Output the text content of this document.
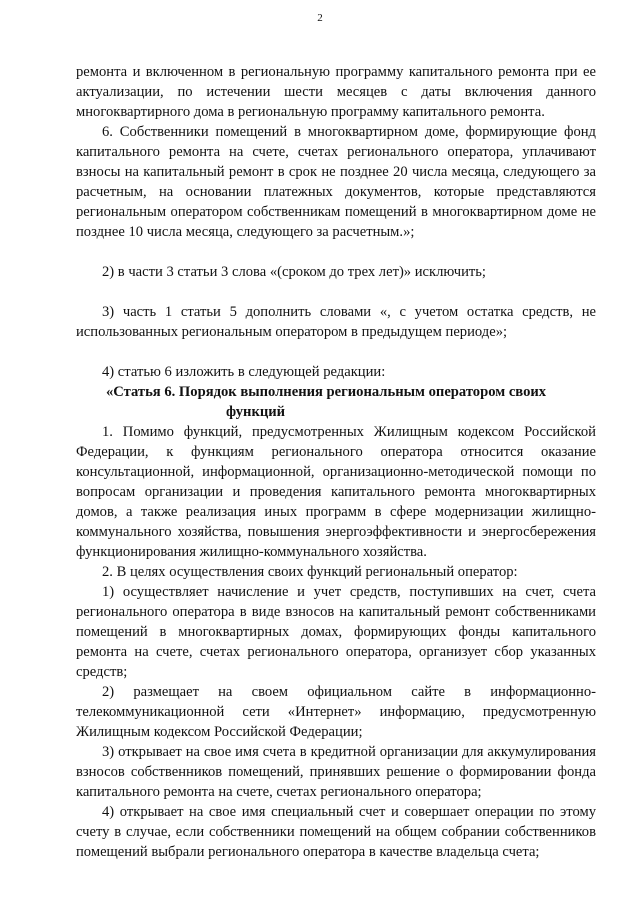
2

ремонта и включенном в региональную программу капитального ремонта при ее актуализации, по истечении шести месяцев с даты включения данного многоквартирного дома в региональную программу капитального ремонта.

6. Собственники помещений в многоквартирном доме, формирующие фонд капитального ремонта на счете, счетах регионального оператора, уплачивают взносы на капитальный ремонт в срок не позднее 20 числа месяца, следующего за расчетным, на основании платежных документов, которые представляются региональным оператором собственникам помещений в многоквартирном доме не позднее 10 числа месяца, следующего за расчетным.»;

2) в части 3 статьи 3 слова «(сроком до трех лет)» исключить;

3) часть 1 статьи 5 дополнить словами «, с учетом остатка средств, не использованных региональным оператором в предыдущем периоде»;

4) статью 6 изложить в следующей редакции:

«Статья 6. Порядок выполнения региональным оператором своих
функций

1. Помимо функций, предусмотренных Жилищным кодексом Российской Федерации, к функциям регионального оператора относится оказание консультационной, информационной, организационно-методической помощи по вопросам организации и проведения капитального ремонта многоквартирных домов, а также реализация иных программ в сфере модернизации жилищно-коммунального хозяйства, повышения энергоэффективности и энергосбережения функционирования жилищно-коммунального хозяйства.

2. В целях осуществления своих функций региональный оператор:

1) осуществляет начисление и учет средств, поступивших на счет, счета регионального оператора в виде взносов на капитальный ремонт собственниками помещений в многоквартирных домах, формирующих фонды капитального ремонта на счете, счетах регионального оператора, организует сбор указанных средств;

2) размещает на своем официальном сайте в информационно-телекоммуникационной сети «Интернет» информацию, предусмотренную Жилищным кодексом Российской Федерации;

3) открывает на свое имя счета в кредитной организации для аккумулирования взносов собственников помещений, принявших решение о формировании фонда капитального ремонта на счете, счетах регионального оператора;

4) открывает на свое имя специальный счет и совершает операции по этому счету в случае, если собственники помещений на общем собрании собственников помещений выбрали регионального оператора в качестве владельца счета;
